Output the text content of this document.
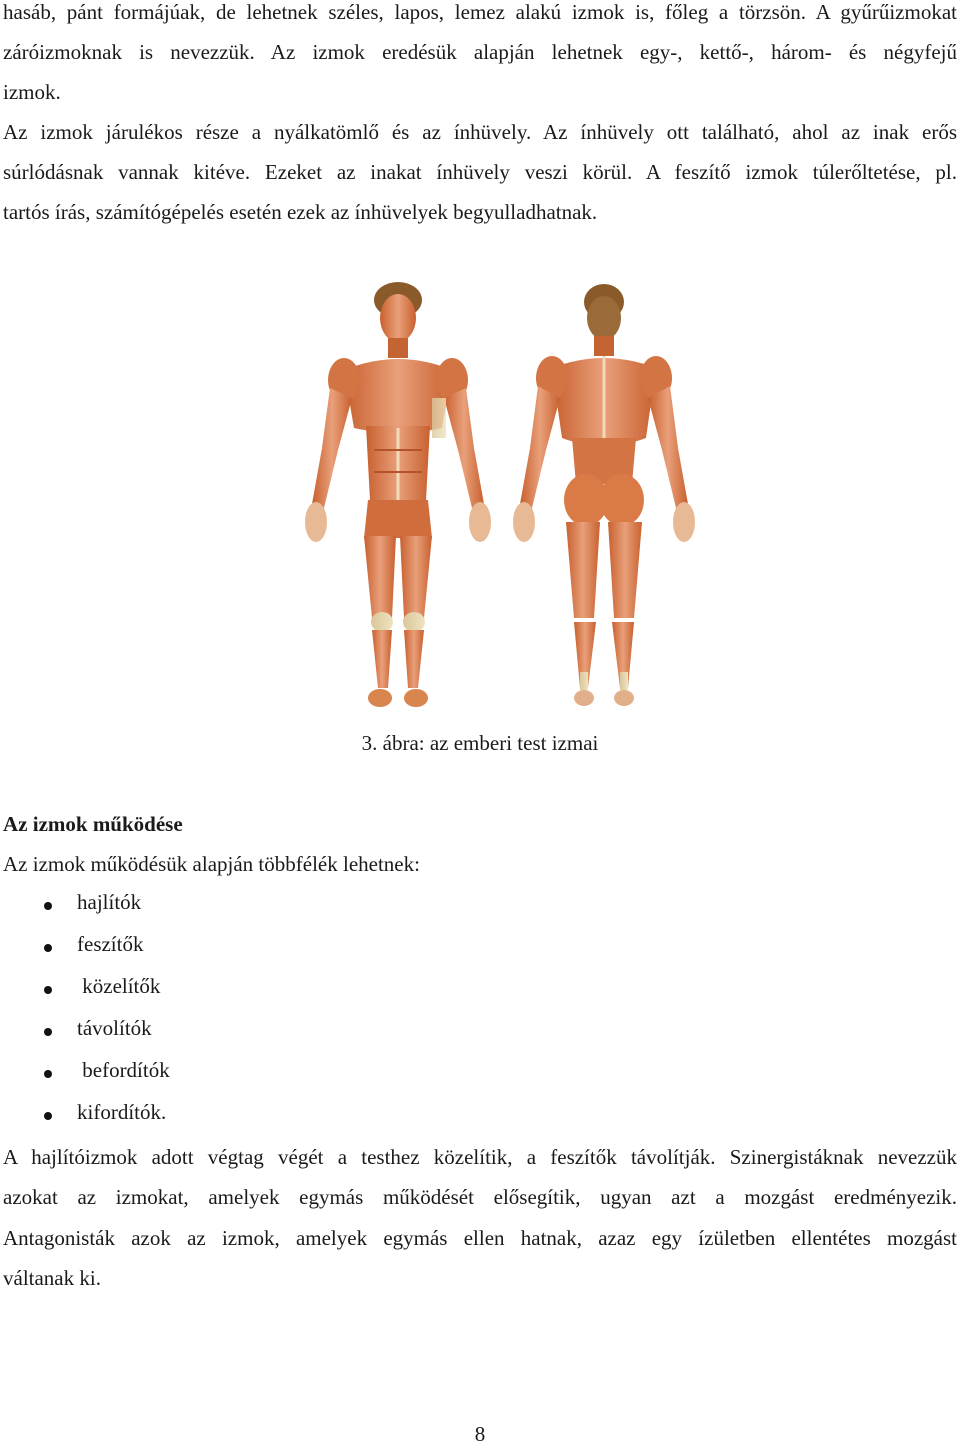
hasáb, pánt formájúak, de lehetnek széles, lapos, lemez alakú izmok is, főleg a törzsön. A gyűrűizmokat
záróizmoknak is nevezzük. Az izmok eredésük alapján lehetnek egy-, kettő-, három- és négyfejű
izmok.
Az izmok járulékos része a nyálkatömlő és az ínhüvely. Az ínhüvely ott található, ahol az inak erős
súrlódásnak vannak kitéve. Ezeket az inakat ínhüvely veszi körül. A feszítő izmok túlerőltetése, pl.
tartós írás, számítógépelés esetén ezek az ínhüvelyek begyulladhatnak.
3. ábra: az emberi test izmai
Az izmok működése
Az izmok működésük alapján többfélék lehetnek:
hajlítók
feszítők
közelítők
távolítók
befordítók
kifordítók.
A hajlítóizmok adott végtag végét a testhez közelítik, a feszítők távolítják. Szinergistáknak nevezzük
azokat az izmokat, amelyek egymás működését elősegítik, ugyan azt a mozgást eredményezik.
Antagonisták azok az izmok, amelyek egymás ellen hatnak, azaz egy ízületben ellentétes mozgást
váltanak ki.
8
